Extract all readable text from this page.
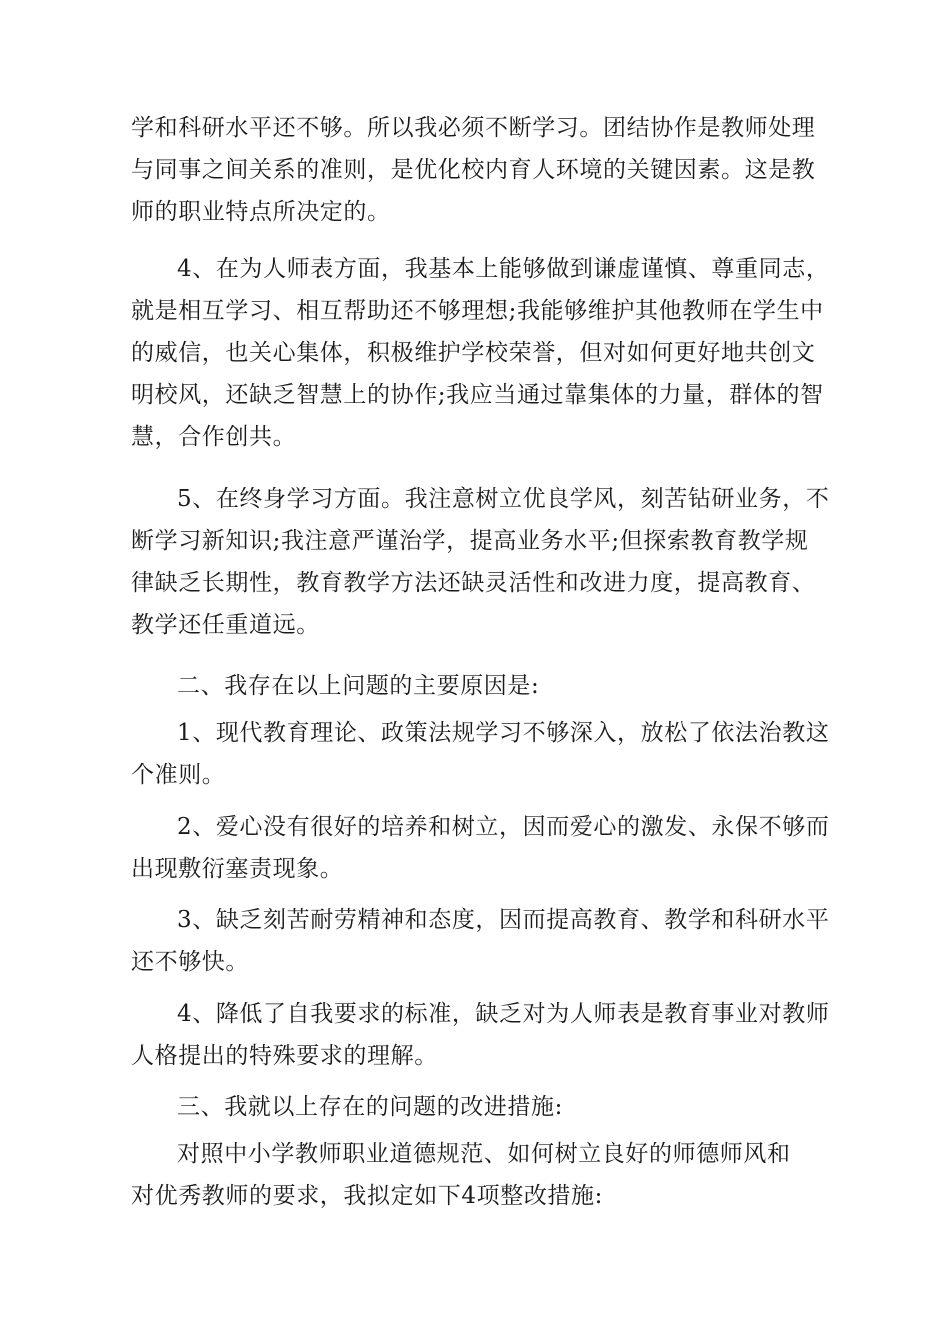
学和科研水平还不够。所以我必须不断学习。团结协作是教师处理
与同事之间关系的准则，是优化校内育人环境的关键因素。这是教
师的职业特点所决定的。

4、在为人师表方面，我基本上能够做到谦虚谨慎、尊重同志，
就是相互学习、相互帮助还不够理想;我能够维护其他教师在学生中
的威信，也关心集体，积极维护学校荣誉，但对如何更好地共创文
明校风，还缺乏智慧上的协作;我应当通过靠集体的力量，群体的智
慧，合作创共。

5、在终身学习方面。我注意树立优良学风，刻苦钻研业务，不
断学习新知识;我注意严谨治学，提高业务水平;但探索教育教学规
律缺乏长期性，教育教学方法还缺灵活性和改进力度，提高教育、
教学还任重道远。

二、我存在以上问题的主要原因是:

1、现代教育理论、政策法规学习不够深入，放松了依法治教这
个准则。

2、爱心没有很好的培养和树立，因而爱心的激发、永保不够而
出现敷衍塞责现象。

3、缺乏刻苦耐劳精神和态度，因而提高教育、教学和科研水平
还不够快。

4、降低了自我要求的标准，缺乏对为人师表是教育事业对教师
人格提出的特殊要求的理解。

三、我就以上存在的问题的改进措施:

对照中小学教师职业道德规范、如何树立良好的师德师风和
对优秀教师的要求，我拟定如下4项整改措施:
